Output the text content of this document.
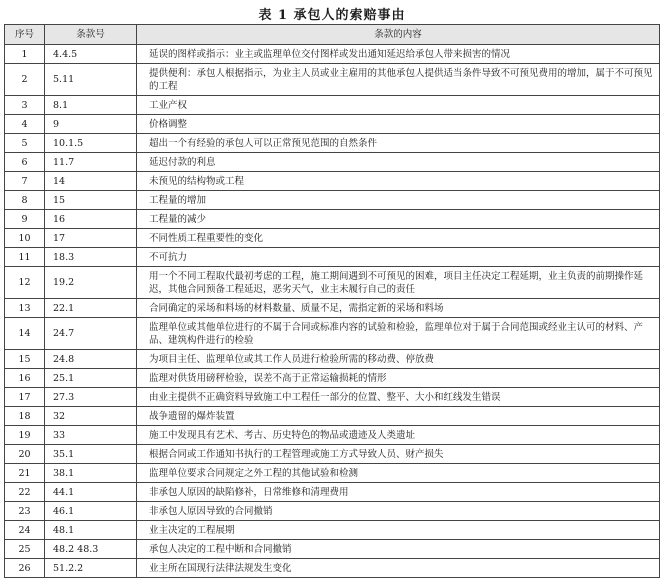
表 1 承包人的索赔事由
序号	条款号	条款的内容
1	4.4.5	延误的图样或指示：业主或监理单位交付图样或发出通知延迟给承包人带来损害的情况
2	5.11	提供便利：承包人根据指示，为业主人员或业主雇用的其他承包人提供适当条件导致不可预见费用的增加，属于不可预见的工程
3	8.1	工业产权
4	9	价格调整
5	10.1.5	超出一个有经验的承包人可以正常预见范围的自然条件
6	11.7	延迟付款的利息
7	14	未预见的结构物或工程
8	15	工程量的增加
9	16	工程量的减少
10	17	不同性质工程重要性的变化
11	18.3	不可抗力
12	19.2	用一个不同工程取代最初考虑的工程，施工期间遇到不可预见的困难，项目主任决定工程延期，业主负责的前期操作延迟，其他合同预备工程延迟，恶劣天气，业主未履行自己的责任
13	22.1	合同确定的采场和料场的材料数量、质量不足，需指定新的采场和料场
14	24.7	监理单位或其他单位进行的不属于合同或标准内容的试验和检验，监理单位对于属于合同范围或经业主认可的材料、产品、建筑构件进行的检验
15	24.8	为项目主任、监理单位或其工作人员进行检验所需的移动费、停放费
16	25.1	监理对供货用磅秤检验，误差不高于正常运输损耗的情形
17	27.3	由业主提供不正确资料导致施工中工程任一部分的位置、整平、大小和红线发生错误
18	32	战争遗留的爆炸装置
19	33	施工中发现具有艺术、考古、历史特色的物品或遗迹及人类遗址
20	35.1	根据合同或工作通知书执行的工程管理或施工方式导致人员、财产损失
21	38.1	监理单位要求合同规定之外工程的其他试验和检测
22	44.1	非承包人原因的缺陷修补，日常维修和清理费用
23	46.1	非承包人原因导致的合同撤销
24	48.1	业主决定的工程展期
25	48.2 48.3	承包人决定的工程中断和合同撤销
26	51.2.2	业主所在国现行法律法规发生变化
